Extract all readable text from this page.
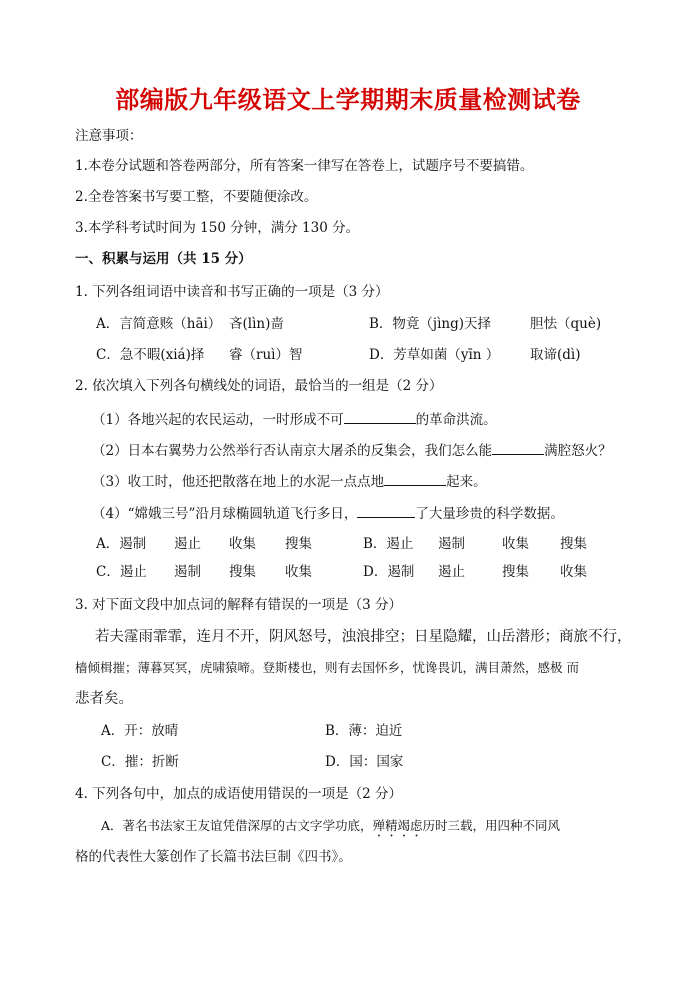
部编版九年级语文上学期期末质量检测试卷
注意事项：
1.本卷分试题和答卷两部分，所有答案一律写在答卷上，试题序号不要搞错。
2.全卷答案书写要工整，不要随便涂改。
3.本学科考试时间为 150 分钟，满分 130 分。
一、积累与运用（共 15 分）
1. 下列各组词语中读音和书写正确的一项是（3 分）
A．言简意赅（hāi） 吝(lìn)啬	B．物竟（jìng)天择	胆怯（què)
C．急不暇(xiá)择 睿（ruì）智	D．芳草如菌（yīn ） 取谛(dì)
2. 依次填入下列各句横线处的词语，最恰当的一组是（2 分）
（1）各地兴起的农民运动，一时形成不可	的革命洪流。
（2）日本右翼势力公然举行否认南京大屠杀的反集会，我们怎么能	满腔怒火？
（3）收工时，他还把散落在地上的水泥一点点地	起来。
（4）“嫦娥三号”沿月球椭圆轨道飞行多日，	了大量珍贵的科学数据。
A．遏制 遏止 收集 搜集	B．遏止 遏制	收集 搜集
C．遏止 遏制 搜集 收集	D．遏制 遏止	搜集 收集
3. 对下面文段中加点词的解释有错误的一项是（3 分）
若夫霪雨霏霏，连月不开，阴风怒号，浊浪排空；日星隐耀，山岳潜形；商旅不行，
樯倾楫摧；薄暮冥冥，虎啸猿啼。登斯楼也，则有去国怀乡，忧谗畏讥，满目萧然，感极 而
悲者矣。
A．开：放晴	B．薄：迫近
C．摧：折断	D．国：国家
4. 下列各句中，加点的成语使用错误的一项是（2 分）
A．著名书法家王友谊凭借深厚的古文字学功底，殚精竭虑历时三载，用四种不同风
格的代表性大篆创作了长篇书法巨制《四书》。
